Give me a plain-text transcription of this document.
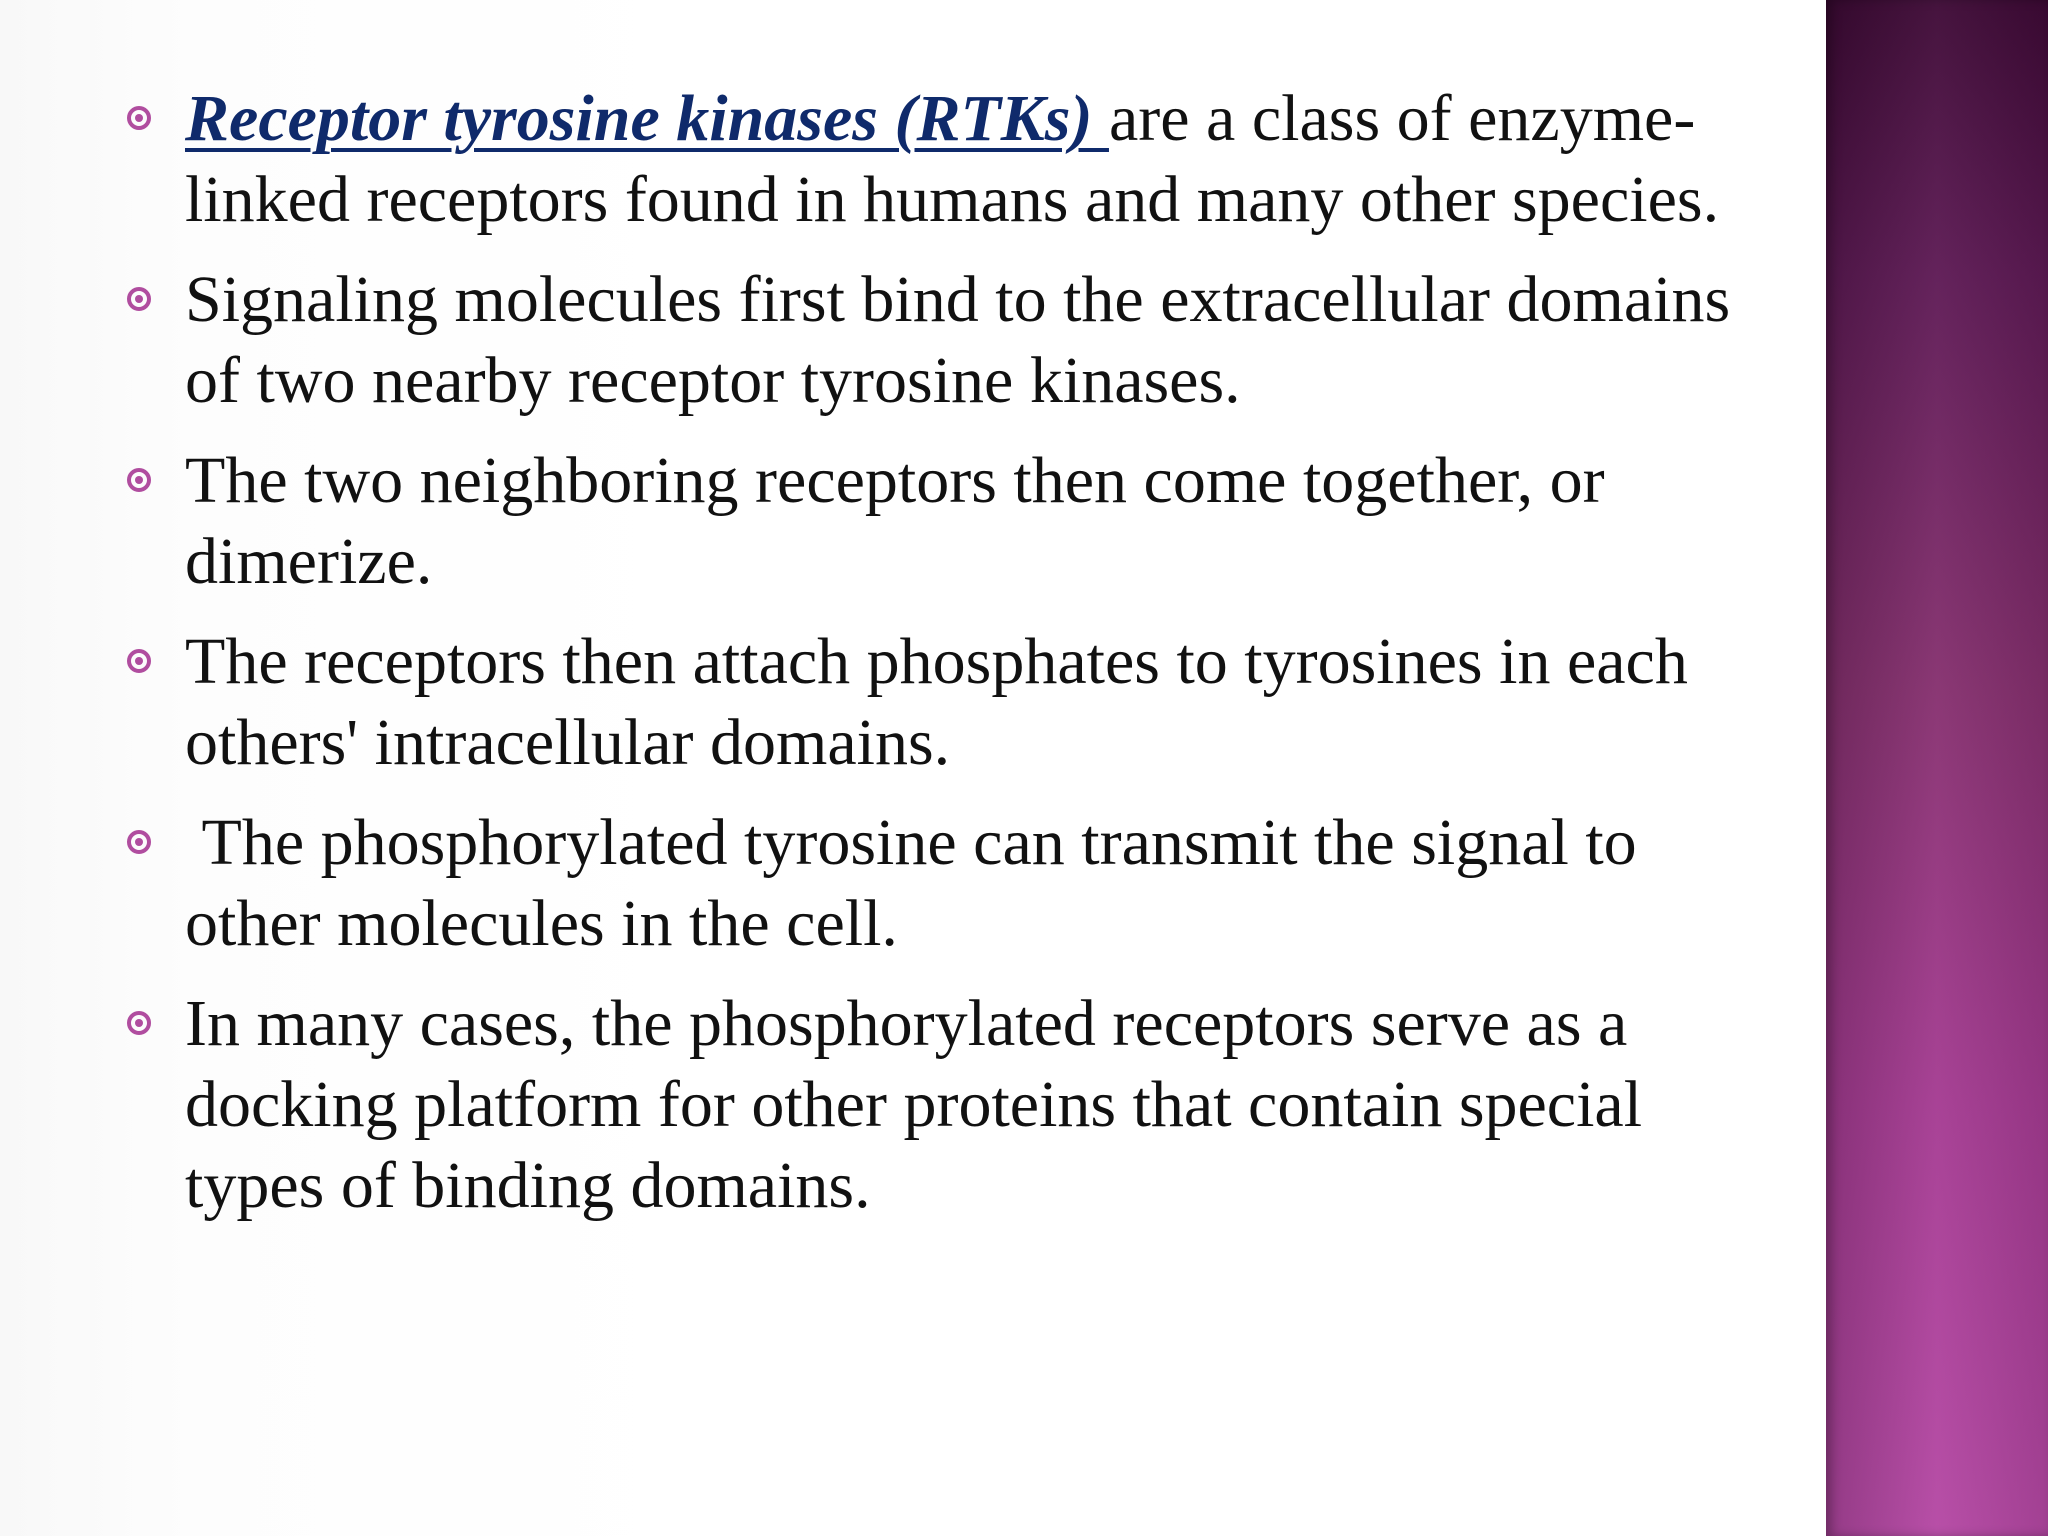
Receptor tyrosine kinases (RTKs) are a class of enzyme-linked receptors found in humans and many other species.
Signaling molecules first bind to the extracellular domains of two nearby receptor tyrosine kinases.
The two neighboring receptors then come together, or dimerize.
The receptors then attach phosphates to tyrosines in each others' intracellular domains.
The phosphorylated tyrosine can transmit the signal to other molecules in the cell.
In many cases, the phosphorylated receptors serve as a docking platform for other proteins that contain special types of binding domains.
